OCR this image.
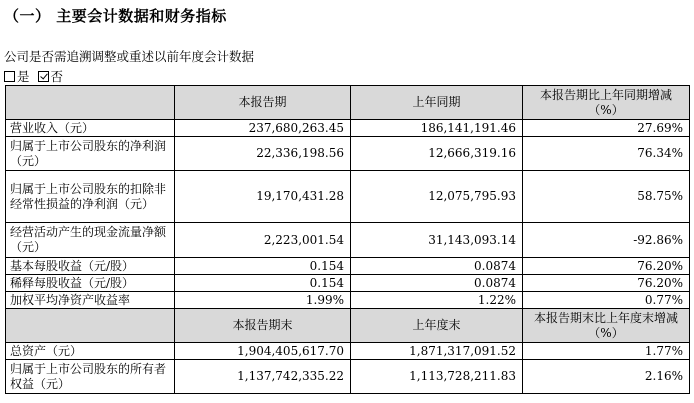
（一） 主要会计数据和财务指标
公司是否需追溯调整或重述以前年度会计数据
是 否
	本报告期	上年同期	本报告期比上年同期增减（%）
营业收入（元）	237,680,263.45	186,141,191.46	27.69%
归属于上市公司股东的净利润（元）	22,336,198.56	12,666,319.16	76.34%
归属于上市公司股东的扣除非经常性损益的净利润（元）	19,170,431.28	12,075,795.93	58.75%
经营活动产生的现金流量净额（元）	2,223,001.54	31,143,093.14	-92.86%
基本每股收益（元/股）	0.154	0.0874	76.20%
稀释每股收益（元/股）	0.154	0.0874	76.20%
加权平均净资产收益率	1.99%	1.22%	0.77%
	本报告期末	上年度末	本报告期末比上年度末增减（%）
总资产（元）	1,904,405,617.70	1,871,317,091.52	1.77%
归属于上市公司股东的所有者权益（元）	1,137,742,335.22	1,113,728,211.83	2.16%
